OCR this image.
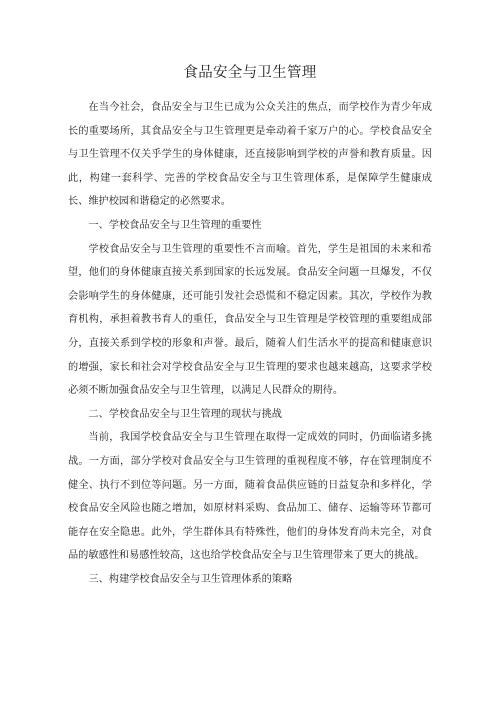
食品安全与卫生管理

在当今社会，食品安全与卫生已成为公众关注的焦点，而学校作为青少年成长的重要场所，其食品安全与卫生管理更是牵动着千家万户的心。学校食品安全与卫生管理不仅关乎学生的身体健康，还直接影响到学校的声誉和教育质量。因此，构建一套科学、完善的学校食品安全与卫生管理体系，是保障学生健康成长、维护校园和谐稳定的必然要求。

一、学校食品安全与卫生管理的重要性

学校食品安全与卫生管理的重要性不言而喻。首先，学生是祖国的未来和希望，他们的身体健康直接关系到国家的长远发展。食品安全问题一旦爆发，不仅会影响学生的身体健康，还可能引发社会恐慌和不稳定因素。其次，学校作为教育机构，承担着教书育人的重任，食品安全与卫生管理是学校管理的重要组成部分，直接关系到学校的形象和声誉。最后，随着人们生活水平的提高和健康意识的增强，家长和社会对学校食品安全与卫生管理的要求也越来越高，这要求学校必须不断加强食品安全与卫生管理，以满足人民群众的期待。

二、学校食品安全与卫生管理的现状与挑战

当前，我国学校食品安全与卫生管理在取得一定成效的同时，仍面临诸多挑战。一方面，部分学校对食品安全与卫生管理的重视程度不够，存在管理制度不健全、执行不到位等问题。另一方面，随着食品供应链的日益复杂和多样化，学校食品安全风险也随之增加，如原材料采购、食品加工、储存、运输等环节都可能存在安全隐患。此外，学生群体具有特殊性，他们的身体发育尚未完全，对食品的敏感性和易感性较高，这也给学校食品安全与卫生管理带来了更大的挑战。

三、构建学校食品安全与卫生管理体系的策略
